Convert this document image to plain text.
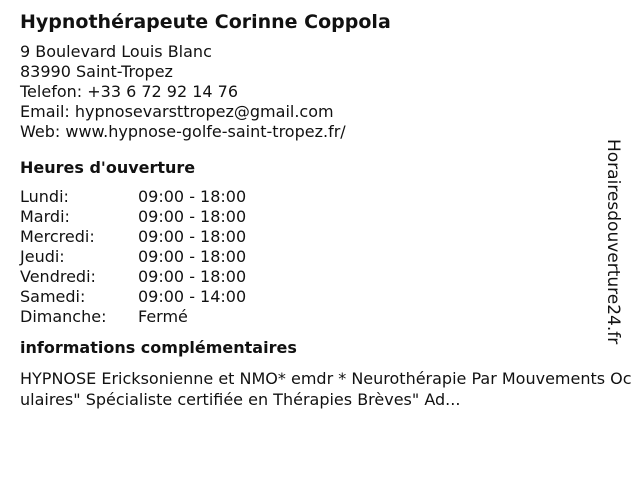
Hypnothérapeute Corinne Coppola
9 Boulevard Louis Blanc
83990 Saint-Tropez
Telefon: +33 6 72 92 14 76
Email: hypnosevarsttropez@gmail.com
Web: www.hypnose-golfe-saint-tropez.fr/
Heures d'ouverture
Lundi:	09:00 - 18:00
Mardi:	09:00 - 18:00
Mercredi:	09:00 - 18:00
Jeudi:	09:00 - 18:00
Vendredi:	09:00 - 18:00
Samedi:	09:00 - 14:00
Dimanche:	Fermé
informations complémentaires
HYPNOSE Ericksonienne et NMO* emdr * Neurothérapie Par Mouvements Oculaires" Spécialiste certifiée en Thérapies Brèves" Ad...
Horairesdouverture24.fr
